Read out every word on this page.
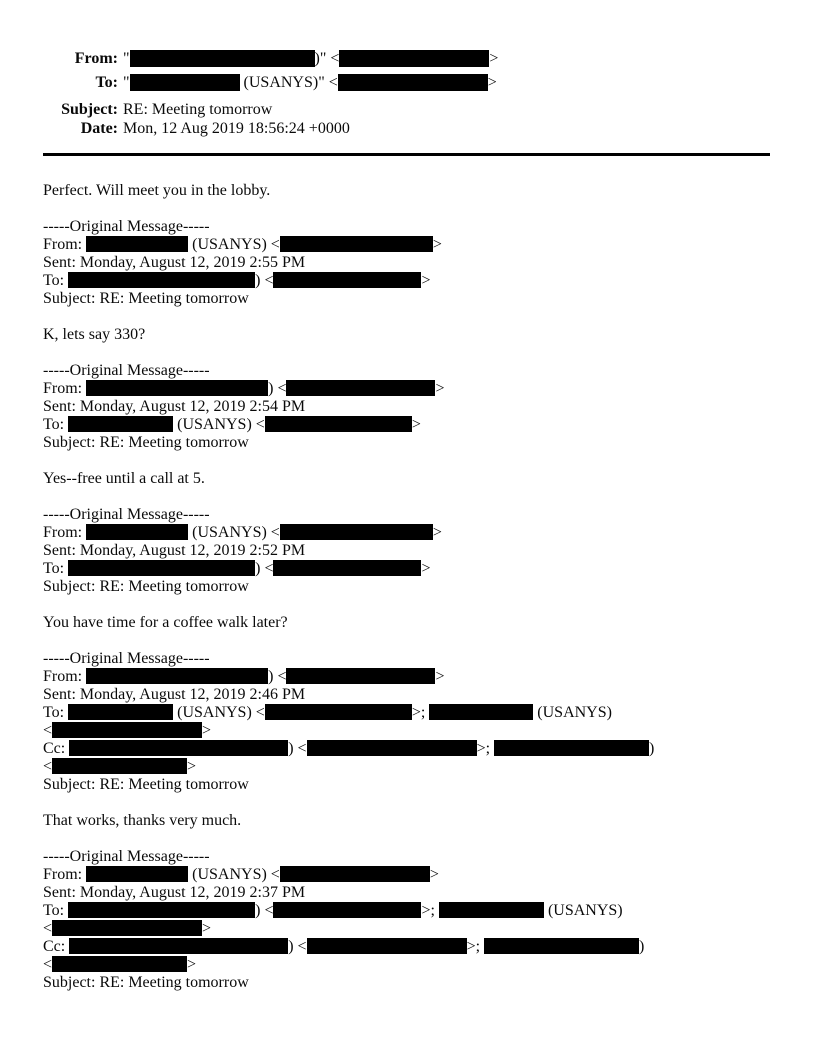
From: "	)" <	>
To: "	(USANYS)" <	>
Subject: RE: Meeting tomorrow
Date: Mon, 12 Aug 2019 18:56:24 +0000
Perfect. Will meet you in the lobby.
-----Original Message-----
From:	(USANYS) <	>
Sent: Monday, August 12, 2019 2:55 PM
To:	) <	>
Subject: RE: Meeting tomorrow
K, lets say 330?
-----Original Message-----
From:	) <	>
Sent: Monday, August 12, 2019 2:54 PM
To:	(USANYS) <	>
Subject: RE: Meeting tomorrow
Yes--free until a call at 5.
-----Original Message-----
From:	(USANYS) <	>
Sent: Monday, August 12, 2019 2:52 PM
To:	) <	>
Subject: RE: Meeting tomorrow
You have time for a coffee walk later?
-----Original Message-----
From:	) <	>
Sent: Monday, August 12, 2019 2:46 PM
To:	(USANYS) <	>;	(USANYS)
<	>
Cc:	) <	>;	)
<	>
Subject: RE: Meeting tomorrow
That works, thanks very much.
-----Original Message-----
From:	(USANYS) <	>
Sent: Monday, August 12, 2019 2:37 PM
To:	) <	>;	(USANYS)
<	>
Cc:	) <	>;	)
<	>
Subject: RE: Meeting tomorrow
